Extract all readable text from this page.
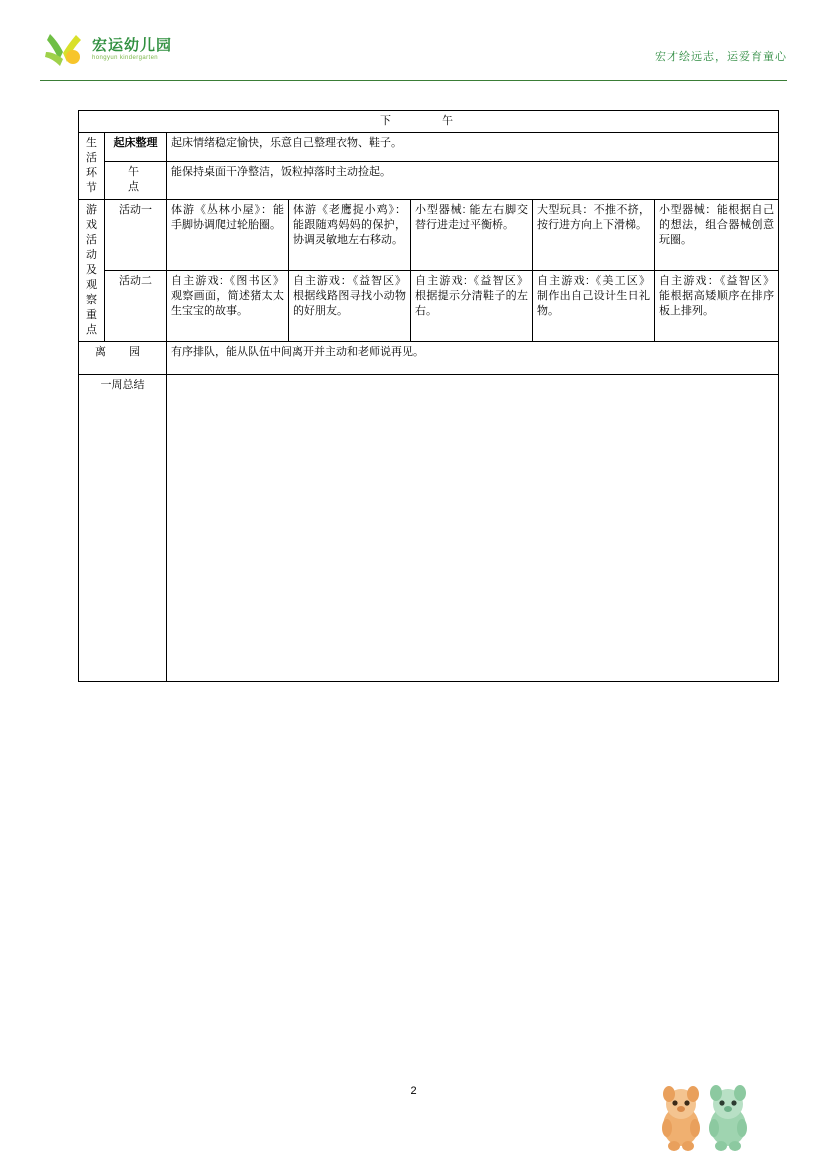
宏运幼儿园
hongyun kindergarten	宏才绘远志，运爱育童心
下 午						
生活环节	起床整理	起床情绪稳定愉快，乐意自己整理衣物、鞋子。				
	午 点	能保持桌面干净整洁，饭粒掉落时主动捡起。				
游戏活动及观察重点	活动一	体游《丛林小屋》：能手脚协调爬过轮胎圈。	体游《老鹰捉小鸡》：能跟随鸡妈妈的保护，协调灵敏地左右移动。	小型器械: 能左右脚交替行进走过平衡桥。	大型玩具：不推不挤，按行进方向上下滑梯。	小型器械：能根据自己的想法，组合器械创意玩圈。
	活动二	自主游戏:《图书区》观察画面，简述猪太太生宝宝的故事。	自主游戏：《益智区》根据线路图寻找小动物的好朋友。	自主游戏:《益智区》根据提示分清鞋子的左右。	自主游戏:《美工区》制作出自己设计生日礼物。	自主游戏：《益智区》能根据高矮顺序在排序板上排列。
离 园		有序排队，能从队伍中间离开并主动和老师说再见。				
一周总结						
2
